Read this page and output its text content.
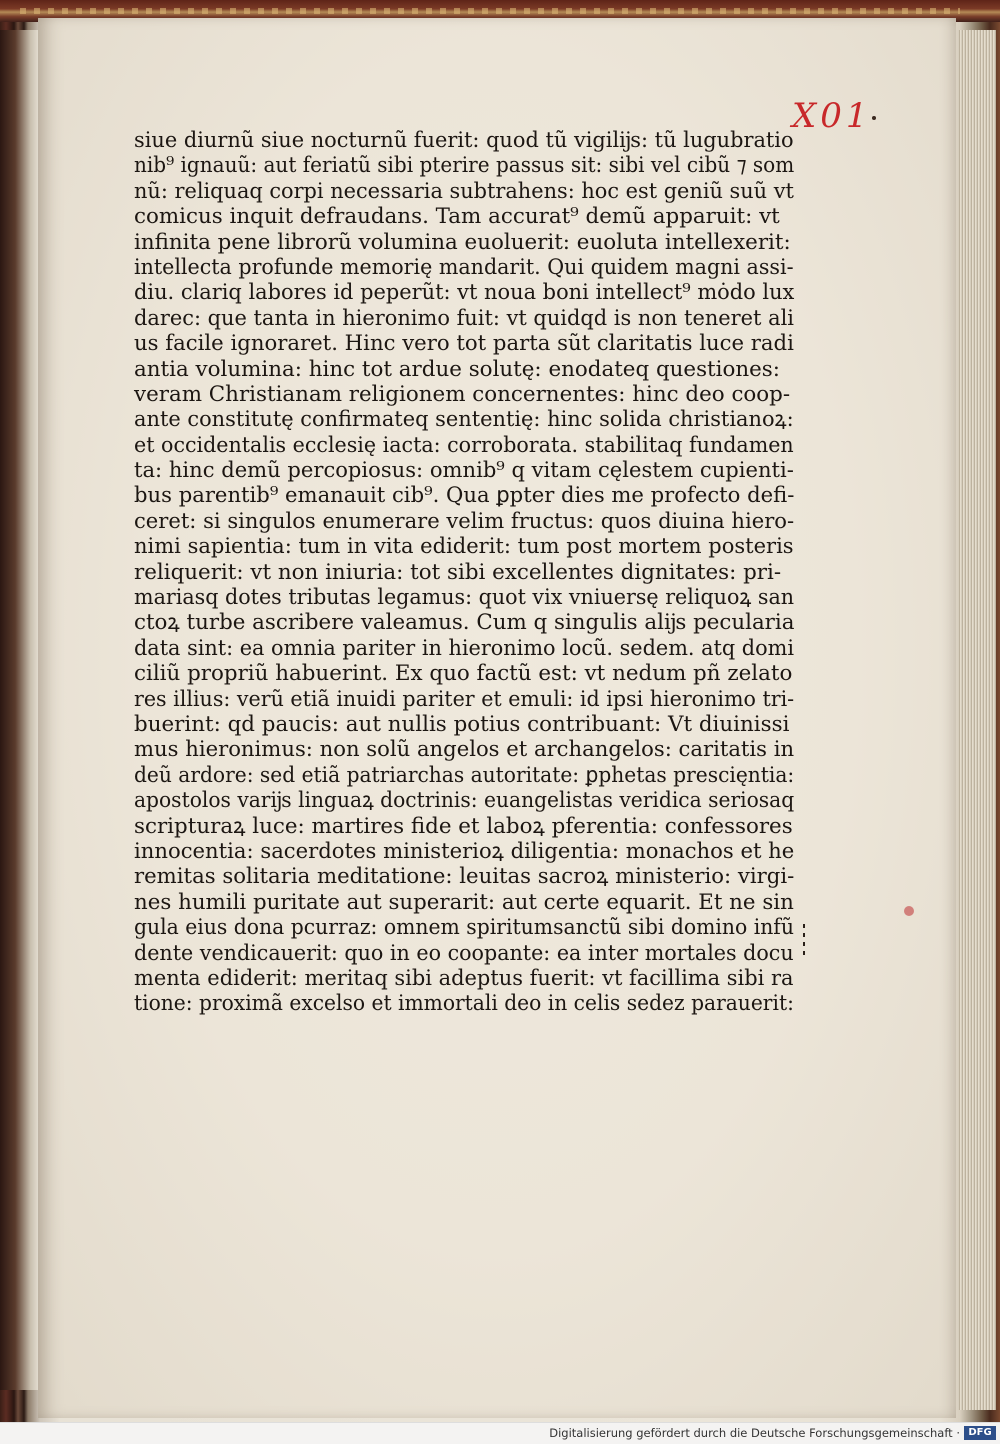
X01
siue diurnũ siue nocturnũ fuerit: quod tũ vigilĳs: tũ lugubratio
nib⁹ ignauũ: aut feriatũ sibi pterire passus sit: sibi vel cibũ ⁊ som
nũ: reliquaq corpi necessaria subtrahens: hoc est geniũ suũ vt
comicus inquit defraudans. Tam accurat⁹ demũ apparuit: vt
infinita pene librorũ volumina euoluerit: euoluta intellexerit:
intellecta profunde memorię mandarit. Qui quidem magni assi-
diu. clariq labores id peperũt: vt noua boni intellect⁹ mȯdo lux
darec: que tanta in hieronimo fuit: vt quidqd is non teneret ali
us facile ignoraret. Hinc vero tot parta sũt claritatis luce radi
antia volumina: hinc tot ardue solutę: enodateq questiones:
veram Christianam religionem concernentes: hinc deo coop-
ante constitutę confirmateq sententię: hinc solida christianoꝝ:
et occidentalis ecclesię iacta: corroborata. stabilitaq fundamen
ta: hinc demũ percopiosus: omnib⁹ q vitam cęlestem cupienti-
bus parentib⁹ emanauit cib⁹. Qua ꝑpter dies me profecto defi-
ceret: si singulos enumerare velim fructus: quos diuina hiero-
nimi sapientia: tum in vita ediderit: tum post mortem posteris
reliquerit: vt non iniuria: tot sibi excellentes dignitates: pri-
mariasq dotes tributas legamus: quot vix vniuersę reliquoꝝ san
ctoꝝ turbe ascribere valeamus. Cum q singulis alĳs pecularia
data sint: ea omnia pariter in hieronimo locũ. sedem. atq domi
ciliũ propriũ habuerint. Ex quo factũ est: vt nedum pñ zelato
res illius: verũ etiã inuidi pariter et emuli: id ipsi hieronimo tri-
buerint: qd paucis: aut nullis potius contribuant: Vt diuinissi
mus hieronimus: non solũ angelos et archangelos: caritatis in
deũ ardore: sed etiã patriarchas autoritate: ꝑphetas prescięntia:
apostolos varĳs linguaꝝ doctrinis: euangelistas veridica seriosaq
scripturaꝝ luce: martires fide et laboꝝ pferentia: confessores
innocentia: sacerdotes ministerioꝝ diligentia: monachos et he
remitas solitaria meditatione: leuitas sacroꝝ ministerio: virgi-
nes humili puritate aut superarit: aut certe equarit. Et ne sin
gula eius dona pcurraz: omnem spiritumsanctũ sibi domino infũ
dente vendicauerit: quo in eo coopante: ea inter mortales docu
menta ediderit: meritaq sibi adeptus fuerit: vt facillima sibi ra
tione: proximã excelso et immortali deo in celis sedez parauerit:
Digitalisierung gefördert durch die Deutsche Forschungsgemeinschaft · DFG
